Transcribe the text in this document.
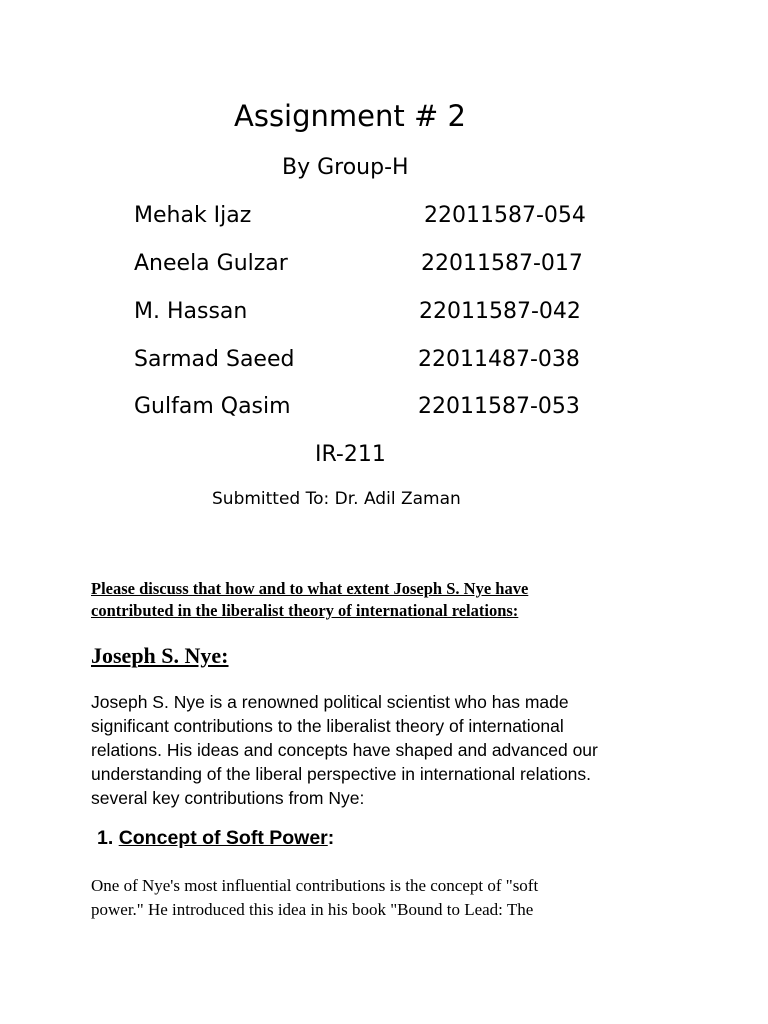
Assignment # 2
By Group-H
Mehak Ijaz	22011587-054
Aneela Gulzar	22011587-017
M. Hassan	22011587-042
Sarmad Saeed	22011487-038
Gulfam Qasim	22011587-053
IR-211
Submitted To: Dr. Adil Zaman
Please discuss that how and to what extent Joseph S. Nye have
contributed in the liberalist theory of international relations:
Joseph S. Nye:
Joseph S. Nye is a renowned political scientist who has made
significant contributions to the liberalist theory of international
relations. His ideas and concepts have shaped and advanced our
understanding of the liberal perspective in international relations.
several key contributions from Nye:
1. Concept of Soft Power:
One of Nye's most influential contributions is the concept of "soft
power." He introduced this idea in his book "Bound to Lead: The
